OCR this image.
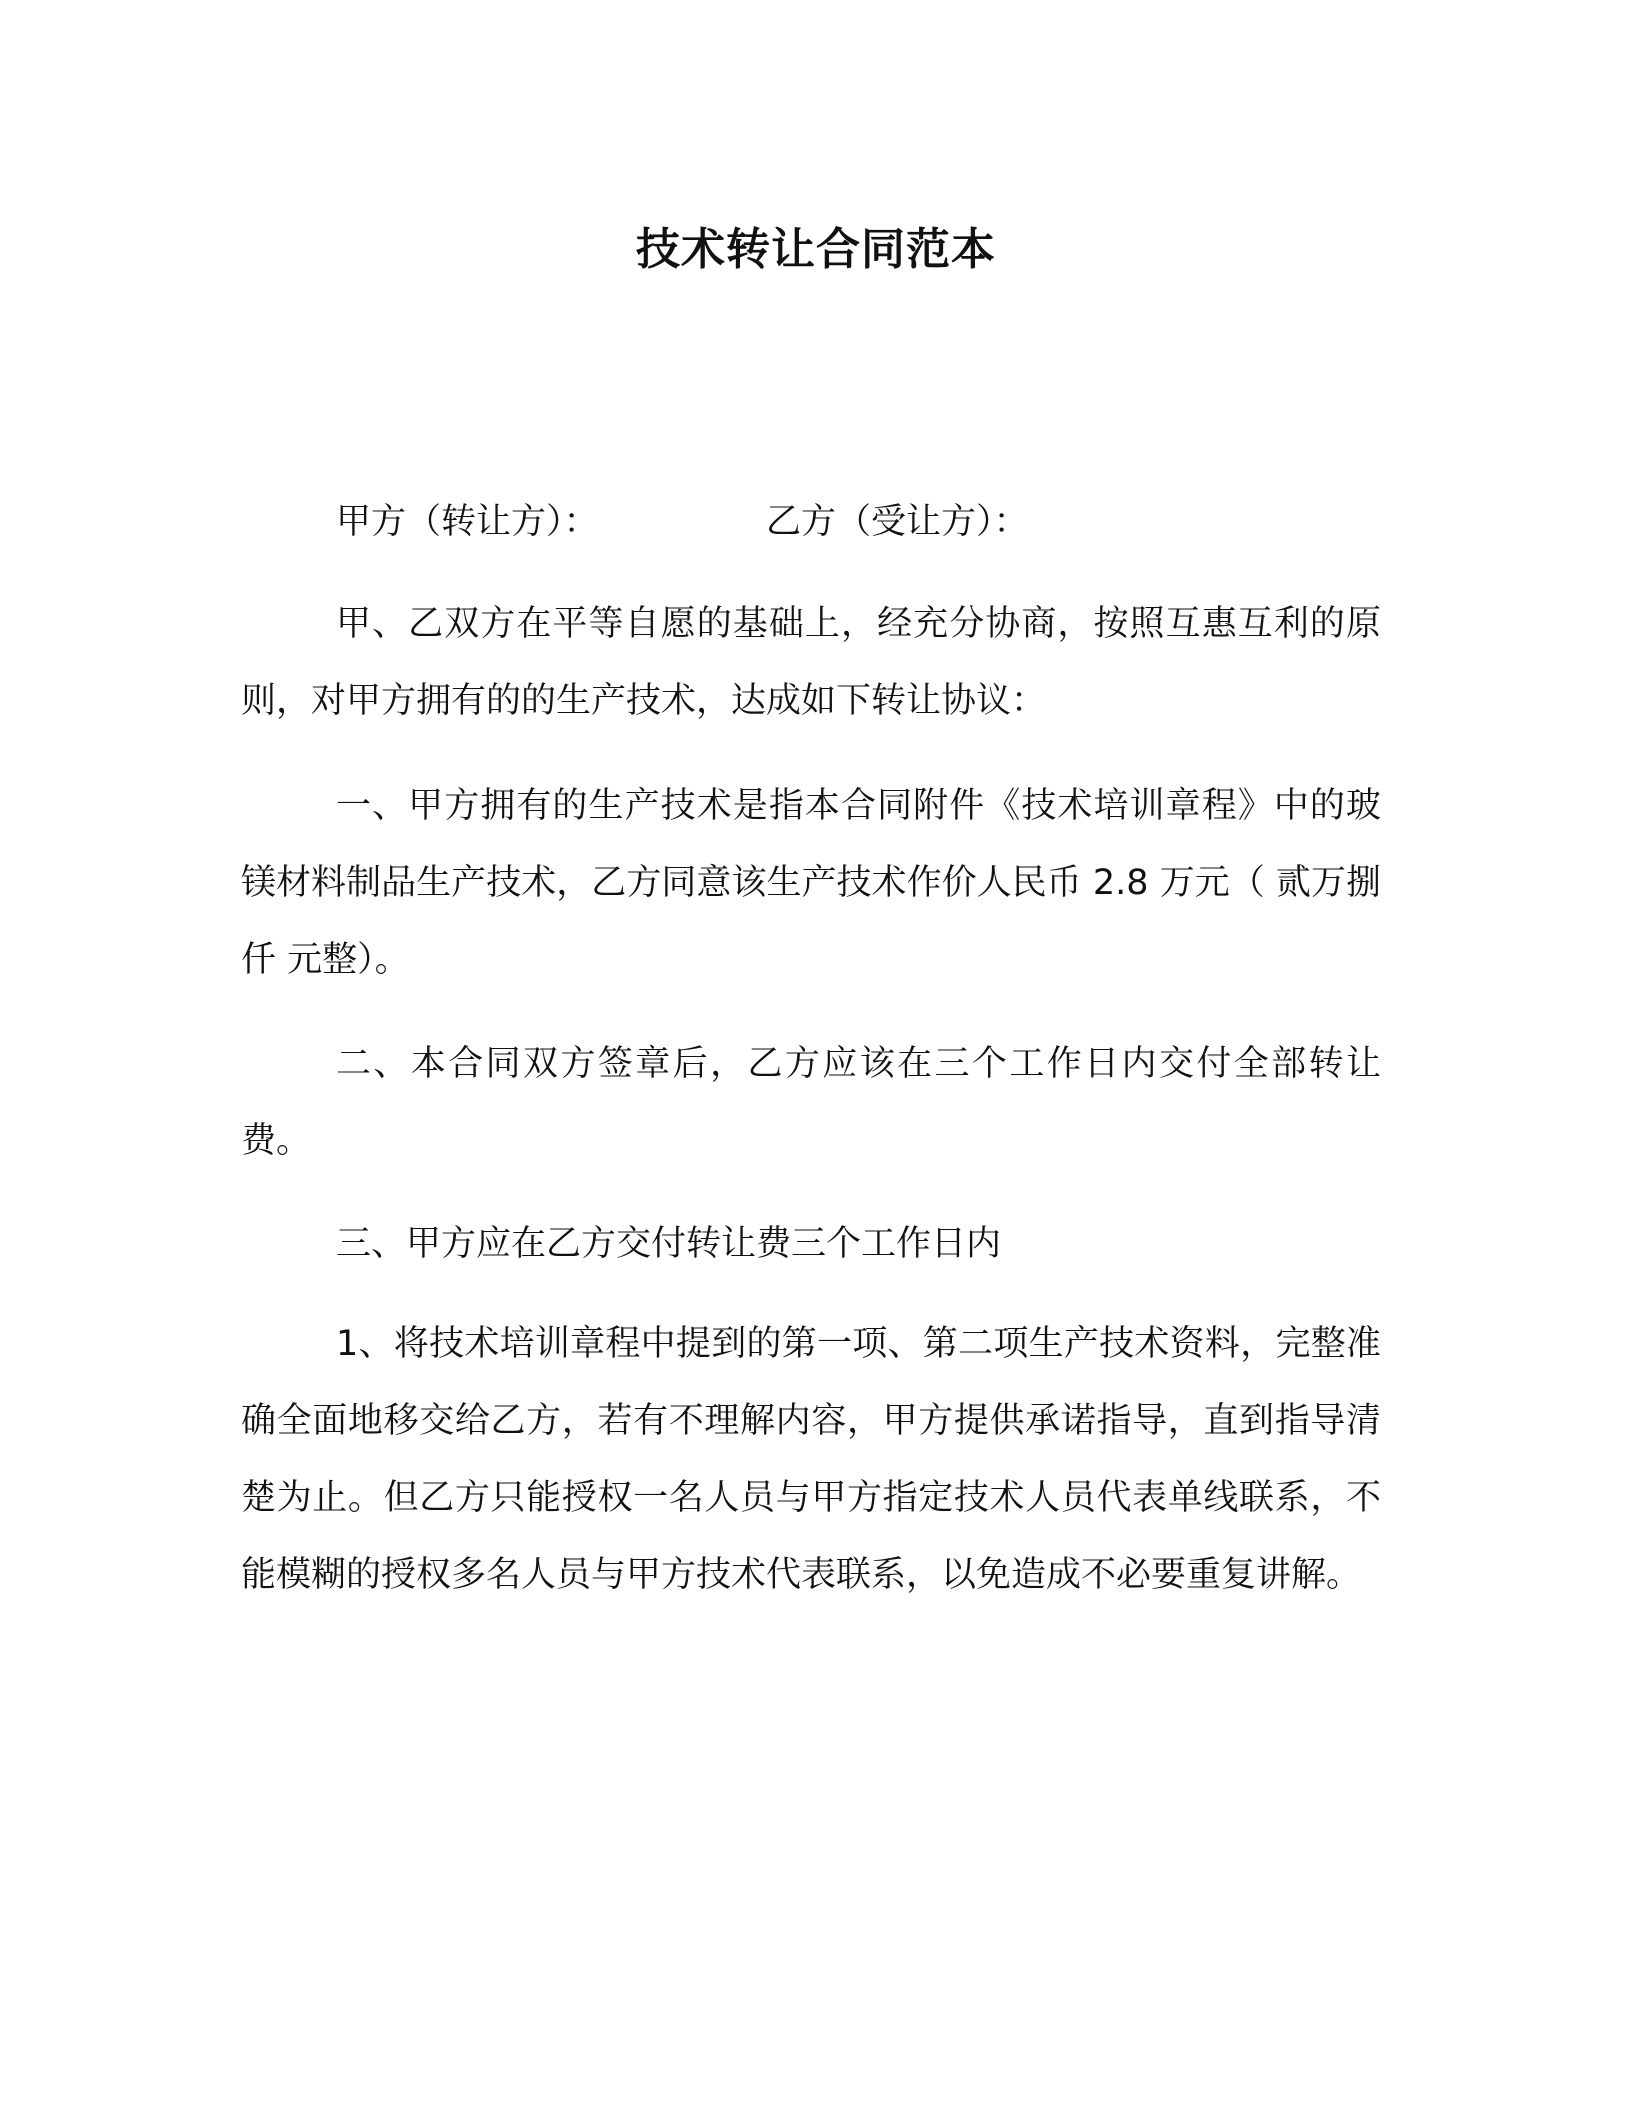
技术转让合同范本
甲方（转让方）：	乙方（受让方）：
甲、乙双方在平等自愿的基础上，经充分协商，按照互惠互利的原则，对甲方拥有的的生产技术，达成如下转让协议：
一、甲方拥有的生产技术是指本合同附件《技术培训章程》中的玻镁材料制品生产技术，乙方同意该生产技术作价人民币 2.8 万元（ 贰万捌仟 元整）。
二、本合同双方签章后，乙方应该在三个工作日内交付全部转让费。
三、甲方应在乙方交付转让费三个工作日内
1、将技术培训章程中提到的第一项、第二项生产技术资料，完整准确全面地移交给乙方，若有不理解内容，甲方提供承诺指导，直到指导清楚为止。但乙方只能授权一名人员与甲方指定技术人员代表单线联系，不能模糊的授权多名人员与甲方技术代表联系，以免造成不必要重复讲解。
